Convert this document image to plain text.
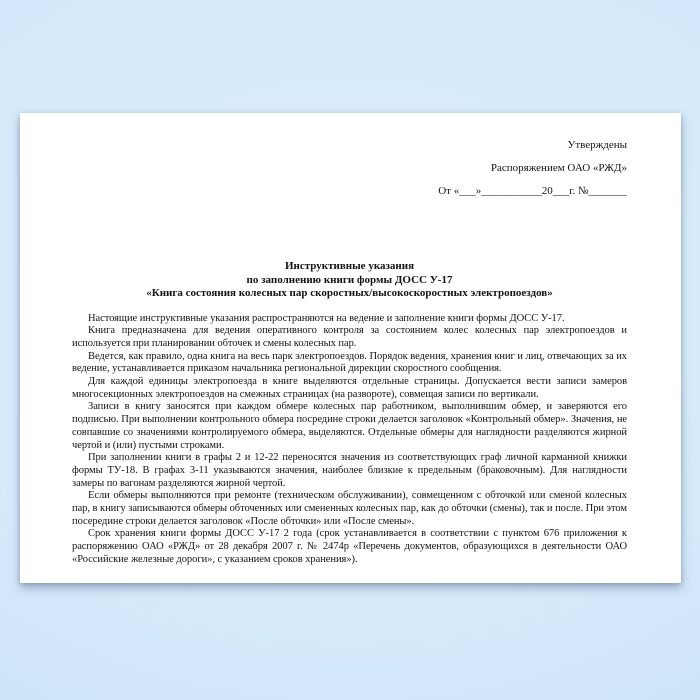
Утверждены

Распоряжением ОАО «РЖД»

От «___»___________20___г. №_______

Инструктивные указания

по заполнению книги формы ДОСС У-17

«Книга состояния колесных пар скоростных/высокоскоростных электропоездов»

Настоящие инструктивные указания распространяются на ведение и заполнение книги формы ДОСС У-17.

Книга предназначена для ведения оперативного контроля за состоянием колес колесных пар электропоездов и используется при планировании обточек и смены колесных пар.

Ведется, как правило, одна книга на весь парк электропоездов. Порядок ведения, хранения книг и лиц, отвечающих за их ведение, устанавливается приказом начальника региональной дирекции скоростного сообщения.

Для каждой единицы электропоезда в книге выделяются отдельные страницы. Допускается вести записи замеров многосекционных электропоездов на смежных страницах (на развороте), совмещая записи по вертикали.

Записи в книгу заносятся при каждом обмере колесных пар работником, выполнившим обмер, и заверяются его подписью. При выполнении контрольного обмера посредине строки делается заголовок «Контрольный обмер». Значения, не совпавшие со значениями контролируемого обмера, выделяются. Отдельные обмеры для наглядности разделяются жирной чертой и (или) пустыми строками.

При заполнении книги в графы 2 и 12-22 переносятся значения из соответствующих граф личной карманной книжки формы ТУ-18. В графах 3-11 указываются значения, наиболее близкие к предельным (браковочным). Для наглядности замеры по вагонам разделяются жирной чертой.

Если обмеры выполняются при ремонте (техническом обслуживании), совмещенном с обточкой или сменой колесных пар, в книгу записываются обмеры обточенных или смененных колесных пар, как до обточки (смены), так и после. При этом посередине строки делается заголовок «После обточки» или «После смены».

Срок хранения книги формы ДОСС У-17 2 года (срок устанавливается в соответствии с пунктом 676 приложения к распоряжению ОАО «РЖД» от 28 декабря 2007 г. № 2474р «Перечень документов, образующихся в деятельности ОАО «Российские железные дороги», с указанием сроков хранения»).
